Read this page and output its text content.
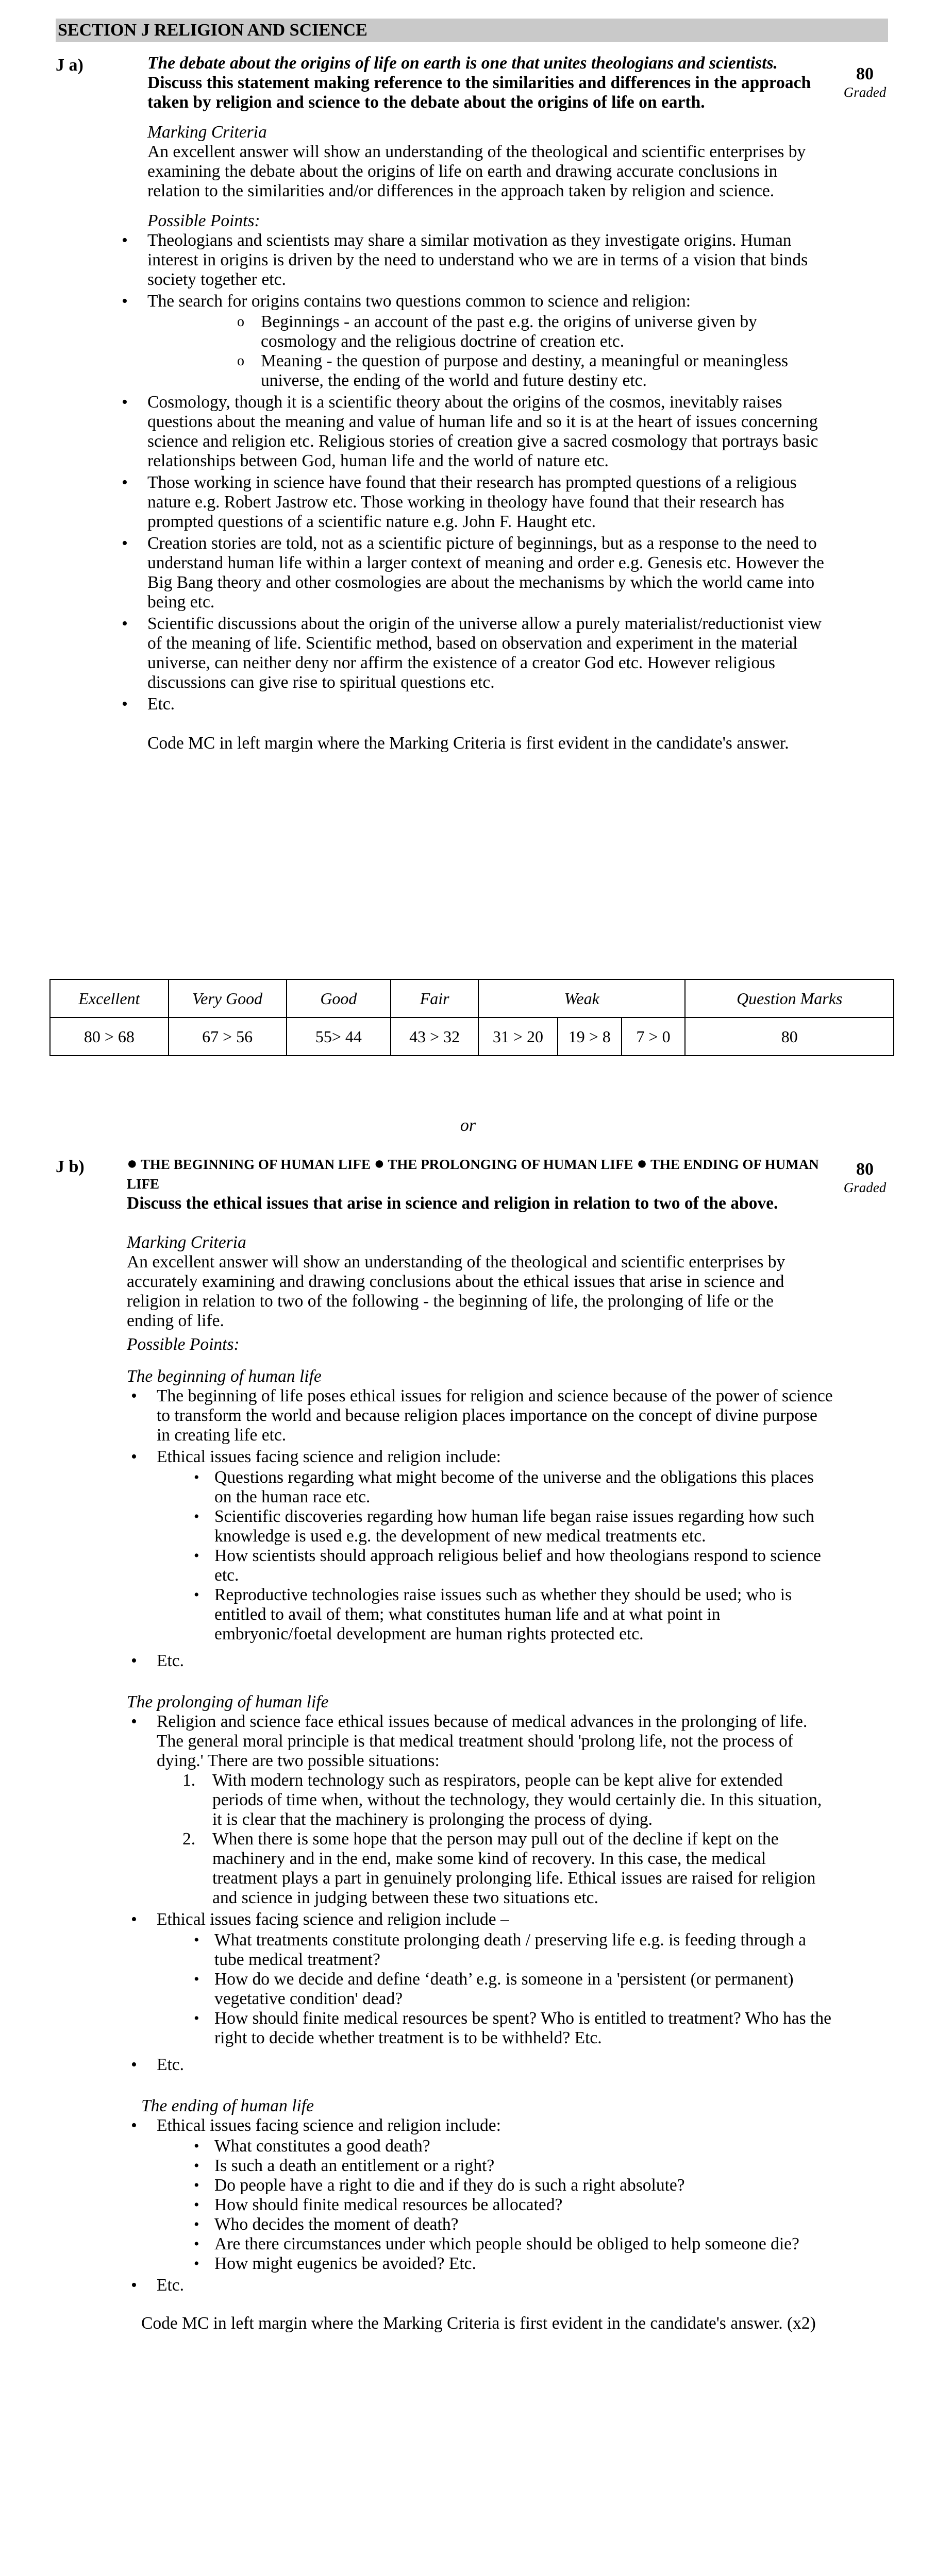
SECTION J RELIGION AND SCIENCE
J a)	80
Graded
The debate about the origins of life on earth is one that unites theologians and scientists.
Discuss this statement making reference to the similarities and differences in the approach taken by religion and science to the debate about the origins of life on earth.
Marking Criteria
An excellent answer will show an understanding of the theological and scientific enterprises by examining the debate about the origins of life on earth and drawing accurate conclusions in relation to the similarities and/or differences in the approach taken by religion and science.
Possible Points:
• Theologians and scientists may share a similar motivation as they investigate origins. Human interest in origins is driven by the need to understand who we are in terms of a vision that binds society together etc.
• The search for origins contains two questions common to science and religion:
o Beginnings - an account of the past e.g. the origins of universe given by cosmology and the religious doctrine of creation etc.
o Meaning - the question of purpose and destiny, a meaningful or meaningless universe, the ending of the world and future destiny etc.
• Cosmology, though it is a scientific theory about the origins of the cosmos, inevitably raises questions about the meaning and value of human life and so it is at the heart of issues concerning science and religion etc. Religious stories of creation give a sacred cosmology that portrays basic relationships between God, human life and the world of nature etc.
• Those working in science have found that their research has prompted questions of a religious nature e.g. Robert Jastrow etc. Those working in theology have found that their research has prompted questions of a scientific nature e.g. John F. Haught etc.
• Creation stories are told, not as a scientific picture of beginnings, but as a response to the need to understand human life within a larger context of meaning and order e.g. Genesis etc. However the Big Bang theory and other cosmologies are about the mechanisms by which the world came into being etc.
• Scientific discussions about the origin of the universe allow a purely materialist/reductionist view of the meaning of life. Scientific method, based on observation and experiment in the material universe, can neither deny nor affirm the existence of a creator God etc. However religious discussions can give rise to spiritual questions etc.
• Etc.
Code MC in left margin where the Marking Criteria is first evident in the candidate's answer.
Excellent	Very Good	Good	Fair	Weak			Question Marks
80 > 68	67 > 56	55> 44	43 > 32	31 > 20	19 > 8	7 > 0	80
or
J b)	80
Graded
● THE BEGINNING OF HUMAN LIFE ● THE PROLONGING OF HUMAN LIFE ● THE ENDING OF HUMAN LIFE
Discuss the ethical issues that arise in science and religion in relation to two of the above.
Marking Criteria
An excellent answer will show an understanding of the theological and scientific enterprises by accurately examining and drawing conclusions about the ethical issues that arise in science and religion in relation to two of the following - the beginning of life, the prolonging of life or the ending of life.
Possible Points:
The beginning of human life
• The beginning of life poses ethical issues for religion and science because of the power of science to transform the world and because religion places importance on the concept of divine purpose in creating life etc.
• Ethical issues facing science and religion include:
• Questions regarding what might become of the universe and the obligations this places on the human race etc.
• Scientific discoveries regarding how human life began raise issues regarding how such knowledge is used e.g. the development of new medical treatments etc.
• How scientists should approach religious belief and how theologians respond to science etc.
• Reproductive technologies raise issues such as whether they should be used; who is entitled to avail of them; what constitutes human life and at what point in embryonic/foetal development are human rights protected etc.
• Etc.
The prolonging of human life
• Religion and science face ethical issues because of medical advances in the prolonging of life. The general moral principle is that medical treatment should 'prolong life, not the process of dying.' There are two possible situations:
1. With modern technology such as respirators, people can be kept alive for extended periods of time when, without the technology, they would certainly die. In this situation, it is clear that the machinery is prolonging the process of dying.
2. When there is some hope that the person may pull out of the decline if kept on the machinery and in the end, make some kind of recovery. In this case, the medical treatment plays a part in genuinely prolonging life. Ethical issues are raised for religion and science in judging between these two situations etc.
• Ethical issues facing science and religion include –
• What treatments constitute prolonging death / preserving life e.g. is feeding through a tube medical treatment?
• How do we decide and define ‘death’ e.g. is someone in a 'persistent (or permanent) vegetative condition' dead?
• How should finite medical resources be spent? Who is entitled to treatment? Who has the right to decide whether treatment is to be withheld? Etc.
• Etc.
The ending of human life
• Ethical issues facing science and religion include:
• What constitutes a good death?
• Is such a death an entitlement or a right?
• Do people have a right to die and if they do is such a right absolute?
• How should finite medical resources be allocated?
• Who decides the moment of death?
• Are there circumstances under which people should be obliged to help someone die?
• How might eugenics be avoided? Etc.
• Etc.
Code MC in left margin where the Marking Criteria is first evident in the candidate's answer. (x2)
